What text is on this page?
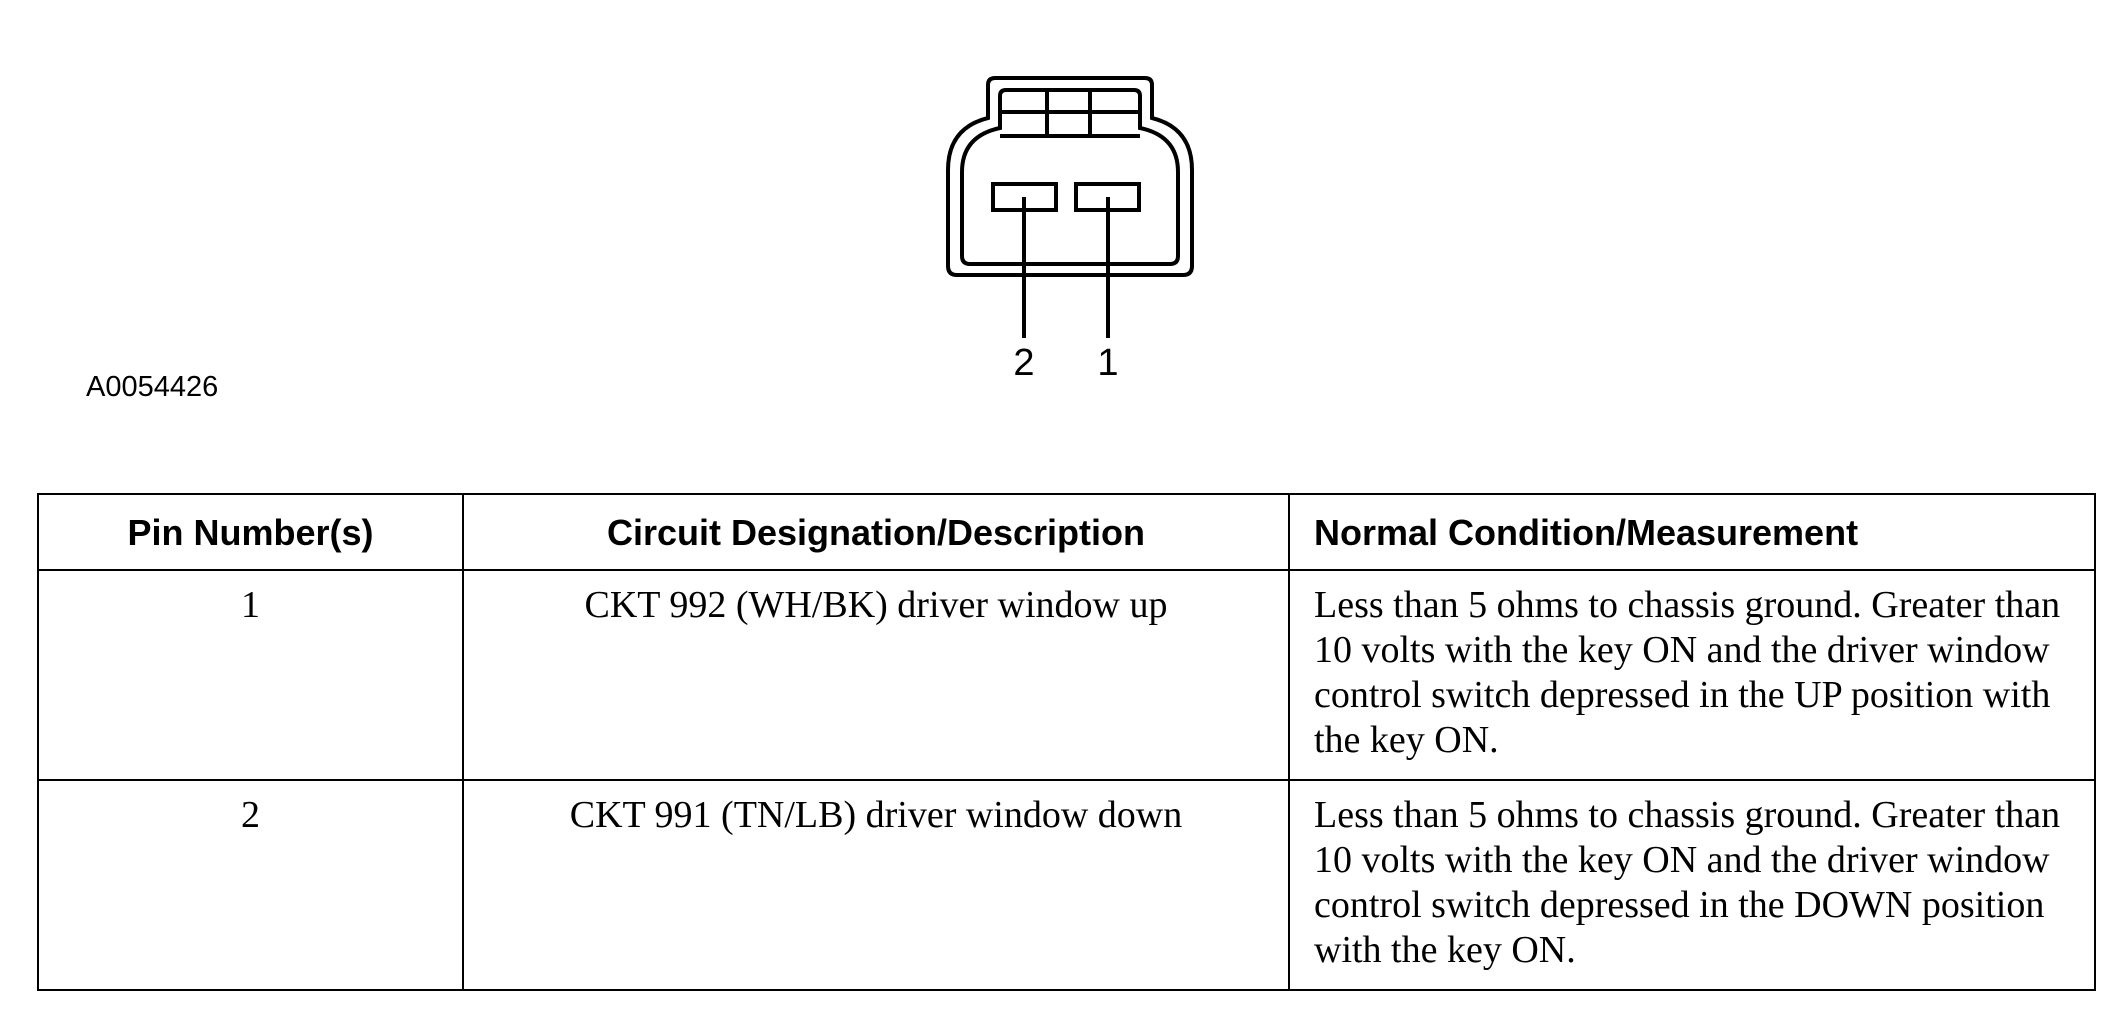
2 1
A0054426
Pin Number(s)	Circuit Designation/Description	Normal Condition/Measurement
1	CKT 992 (WH/BK) driver window up	Less than 5 ohms to chassis ground. Greater than 10 volts with the key ON and the driver window control switch depressed in the UP position with the key ON.
2	CKT 991 (TN/LB) driver window down	Less than 5 ohms to chassis ground. Greater than 10 volts with the key ON and the driver window control switch depressed in the DOWN position with the key ON.
